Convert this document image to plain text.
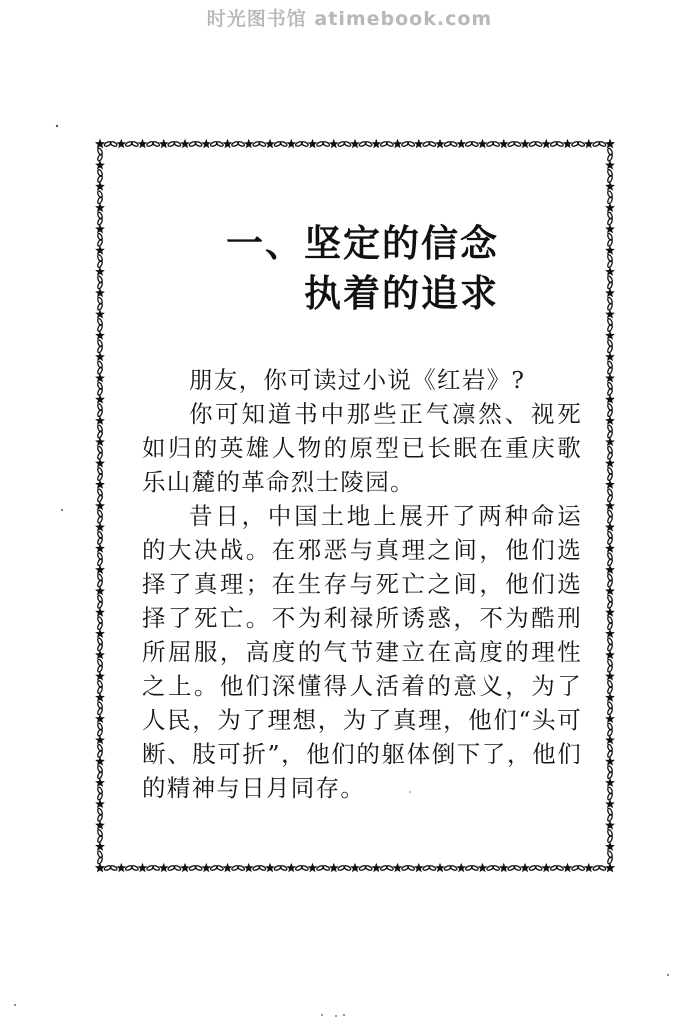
时光图书馆 atimebook.com
一、坚定的信念
执着的追求

朋友，你可读过小说《红岩》?

你可知道书中那些正气凛然、视死如归的英雄人物的原型已长眠在重庆歌乐山麓的革命烈士陵园。

昔日，中国土地上展开了两种命运的大决战。在邪恶与真理之间，他们选择了真理；在生存与死亡之间，他们选择了死亡。不为利禄所诱惑，不为酷刑所屈服，高度的气节建立在高度的理性之上。他们深懂得人活着的意义，为了人民，为了理想，为了真理，他们“头可断、肢可折”，他们的躯体倒下了，他们的精神与日月同存。
